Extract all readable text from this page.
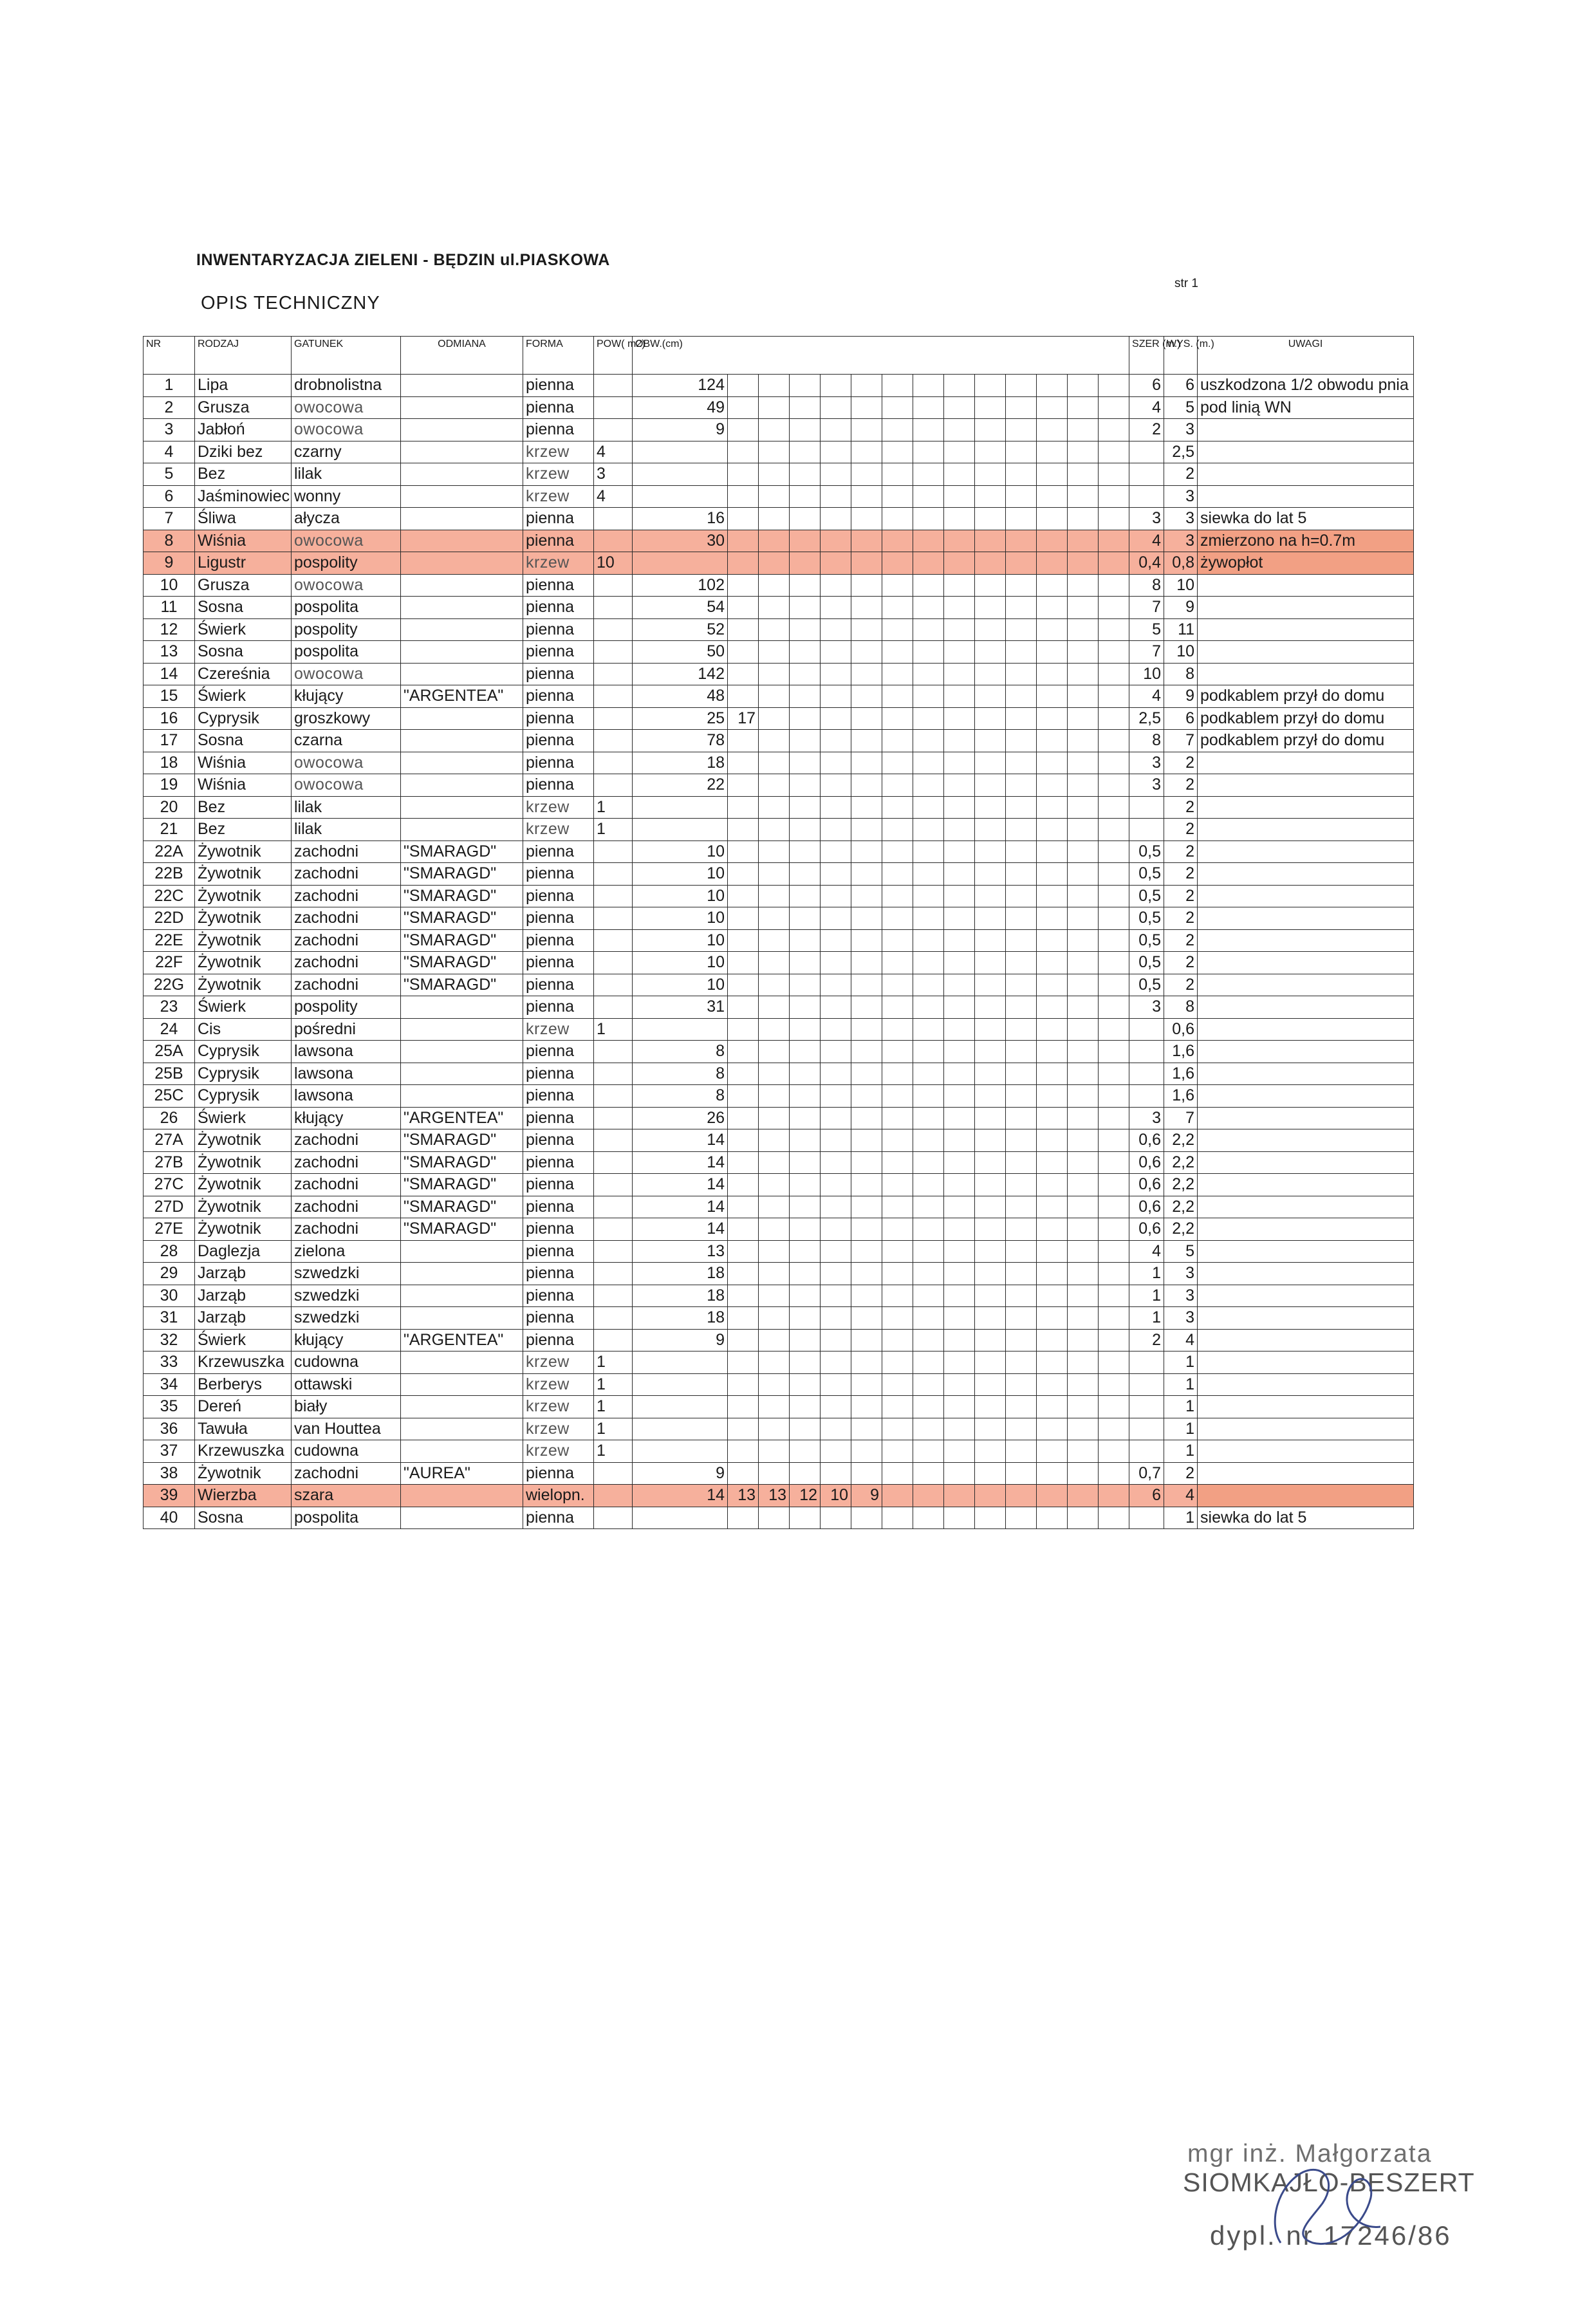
INWENTARYZACJA ZIELENI - BĘDZIN ul.PIASKOWA
OPIS TECHNICZNY
str 1
NR	RODZAJ	GATUNEK	ODMIANA	FORMA	POW( m2)	OBW.(cm)														SZER (m.)	WYS. (m.)	UWAGI
1	Lipa	drobnolistna		pienna		124														6	6	uszkodzona 1/2 obwodu pnia
2	Grusza	owocowa		pienna		49														4	5	pod linią WN
3	Jabłoń	owocowa		pienna		9														2	3	
4	Dziki bez	czarny		krzew	4																2,5	
5	Bez	lilak		krzew	3																2	
6	Jaśminowiec	wonny		krzew	4																3	
7	Śliwa	ałycza		pienna		16														3	3	siewka do lat 5
8	Wiśnia	owocowa		pienna		30														4	3	zmierzono na h=0.7m
9	Ligustr	pospolity		krzew	10															0,4	0,8	żywopłot
10	Grusza	owocowa		pienna		102														8	10	
11	Sosna	pospolita		pienna		54														7	9	
12	Świerk	pospolity		pienna		52														5	11	
13	Sosna	pospolita		pienna		50														7	10	
14	Czereśnia	owocowa		pienna		142														10	8	
15	Świerk	kłujący	"ARGENTEA"	pienna		48														4	9	podkablem przył do domu
16	Cyprysik	groszkowy		pienna		25	17													2,5	6	podkablem przył do domu
17	Sosna	czarna		pienna		78														8	7	podkablem przył do domu
18	Wiśnia	owocowa		pienna		18														3	2	
19	Wiśnia	owocowa		pienna		22														3	2	
20	Bez	lilak		krzew	1																2	
21	Bez	lilak		krzew	1																2	
22A	Żywotnik	zachodni	"SMARAGD"	pienna		10														0,5	2	
22B	Żywotnik	zachodni	"SMARAGD"	pienna		10														0,5	2	
22C	Żywotnik	zachodni	"SMARAGD"	pienna		10														0,5	2	
22D	Żywotnik	zachodni	"SMARAGD"	pienna		10														0,5	2	
22E	Żywotnik	zachodni	"SMARAGD"	pienna		10														0,5	2	
22F	Żywotnik	zachodni	"SMARAGD"	pienna		10														0,5	2	
22G	Żywotnik	zachodni	"SMARAGD"	pienna		10														0,5	2	
23	Świerk	pospolity		pienna		31														3	8	
24	Cis	pośredni		krzew	1																0,6	
25A	Cyprysik	lawsona		pienna		8															1,6	
25B	Cyprysik	lawsona		pienna		8															1,6	
25C	Cyprysik	lawsona		pienna		8															1,6	
26	Świerk	kłujący	"ARGENTEA"	pienna		26														3	7	
27A	Żywotnik	zachodni	"SMARAGD"	pienna		14														0,6	2,2	
27B	Żywotnik	zachodni	"SMARAGD"	pienna		14														0,6	2,2	
27C	Żywotnik	zachodni	"SMARAGD"	pienna		14														0,6	2,2	
27D	Żywotnik	zachodni	"SMARAGD"	pienna		14														0,6	2,2	
27E	Żywotnik	zachodni	"SMARAGD"	pienna		14														0,6	2,2	
28	Daglezja	zielona		pienna		13														4	5	
29	Jarząb	szwedzki		pienna		18														1	3	
30	Jarząb	szwedzki		pienna		18														1	3	
31	Jarząb	szwedzki		pienna		18														1	3	
32	Świerk	kłujący	"ARGENTEA"	pienna		9														2	4	
33	Krzewuszka	cudowna		krzew	1																1	
34	Berberys	ottawski		krzew	1																1	
35	Dereń	biały		krzew	1																1	
36	Tawuła	van Houttea		krzew	1																1	
37	Krzewuszka	cudowna		krzew	1																1	
38	Żywotnik	zachodni	"AUREA"	pienna		9														0,7	2	
39	Wierzba	szara		wielopn.		14	13	13	12	10	9									6	4	
40	Sosna	pospolita		pienna																	1	siewka do lat 5
mgr inż. Małgorzata
SIOMKAJŁO-BESZERT
dypl. nr 17246/86
